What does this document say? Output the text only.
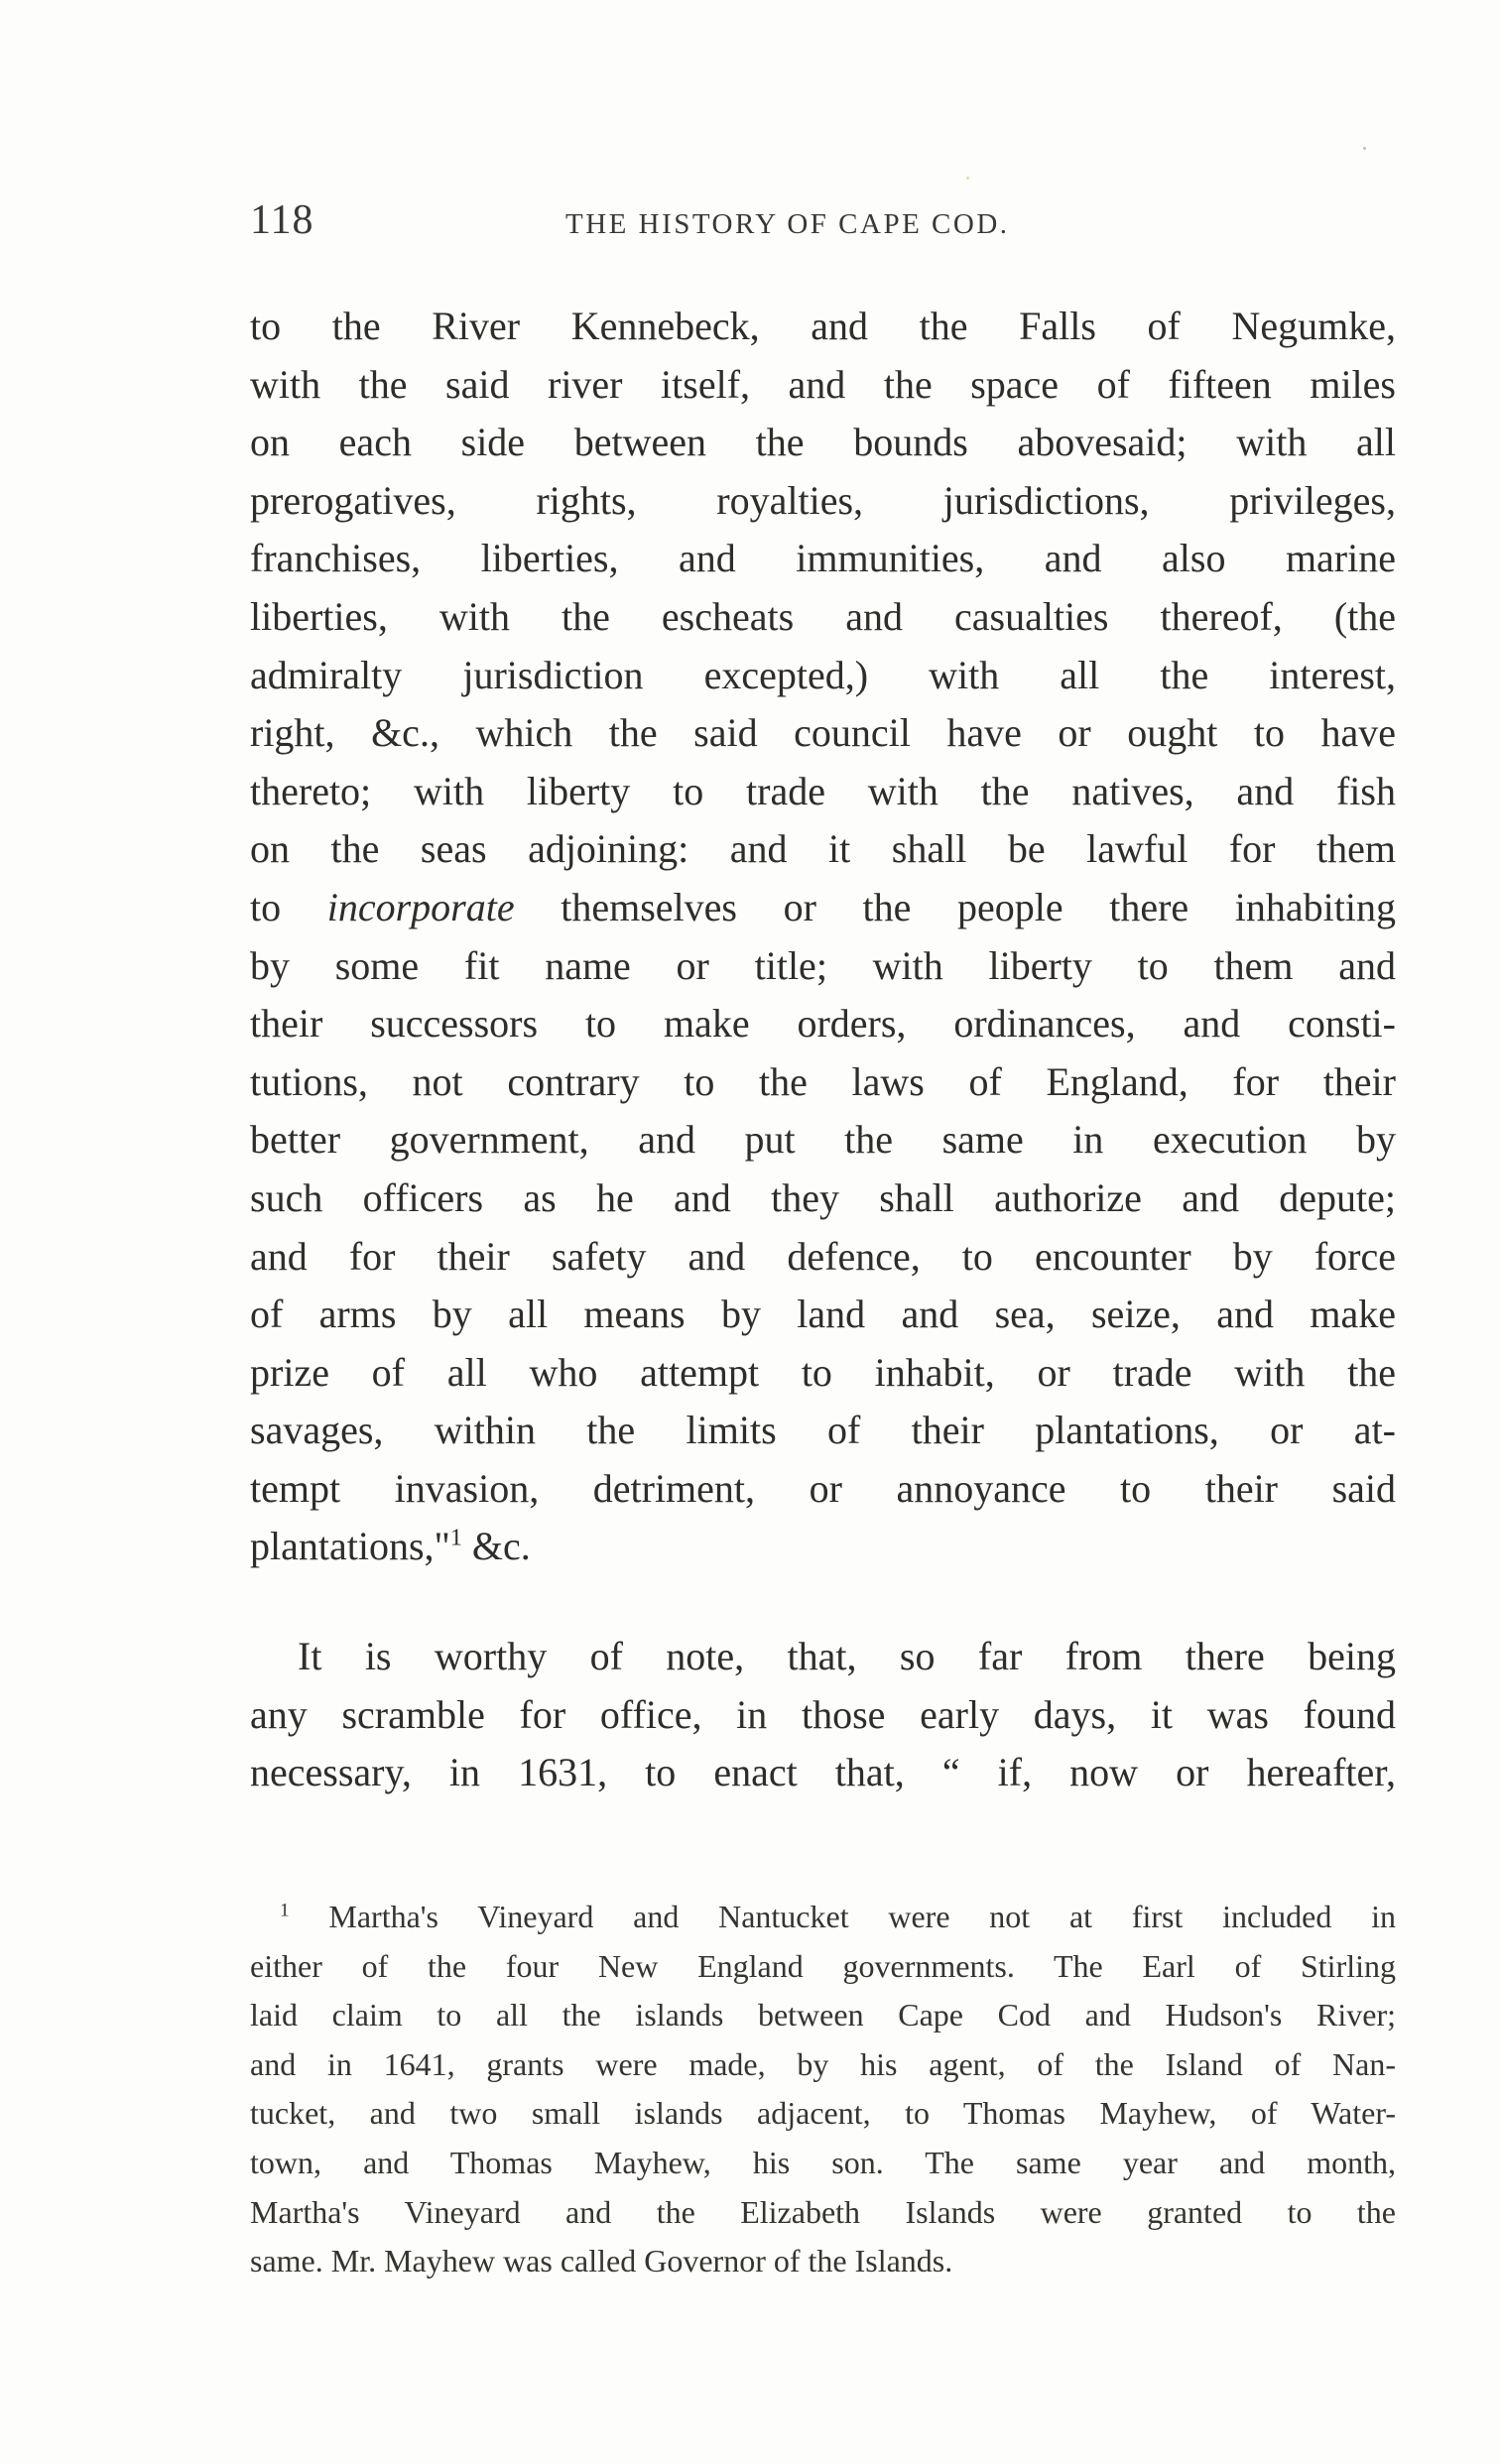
118	THE HISTORY OF CAPE COD.
to the River Kennebeck, and the Falls of Negumke,
with the said river itself, and the space of fifteen miles
on each side between the bounds abovesaid; with all
prerogatives, rights, royalties, jurisdictions, privileges,
franchises, liberties, and immunities, and also marine
liberties, with the escheats and casualties thereof, (the
admiralty jurisdiction excepted,) with all the interest,
right, &c., which the said council have or ought to have
thereto; with liberty to trade with the natives, and fish
on the seas adjoining: and it shall be lawful for them
to incorporate themselves or the people there inhabiting
by some fit name or title; with liberty to them and
their successors to make orders, ordinances, and consti-
tutions, not contrary to the laws of England, for their
better government, and put the same in execution by
such officers as he and they shall authorize and depute;
and for their safety and defence, to encounter by force
of arms by all means by land and sea, seize, and make
prize of all who attempt to inhabit, or trade with the
savages, within the limits of their plantations, or at-
tempt invasion, detriment, or annoyance to their said
plantations,"$^1$ &c.
It is worthy of note, that, so far from there being
any scramble for office, in those early days, it was found
necessary, in 1631, to enact that, “ if, now or hereafter,
$^1$ Martha's Vineyard and Nantucket were not at first included in
either of the four New England governments. The Earl of Stirling
laid claim to all the islands between Cape Cod and Hudson's River;
and in 1641, grants were made, by his agent, of the Island of Nan-
tucket, and two small islands adjacent, to Thomas Mayhew, of Water-
town, and Thomas Mayhew, his son. The same year and month,
Martha's Vineyard and the Elizabeth Islands were granted to the
same. Mr. Mayhew was called Governor of the Islands.
